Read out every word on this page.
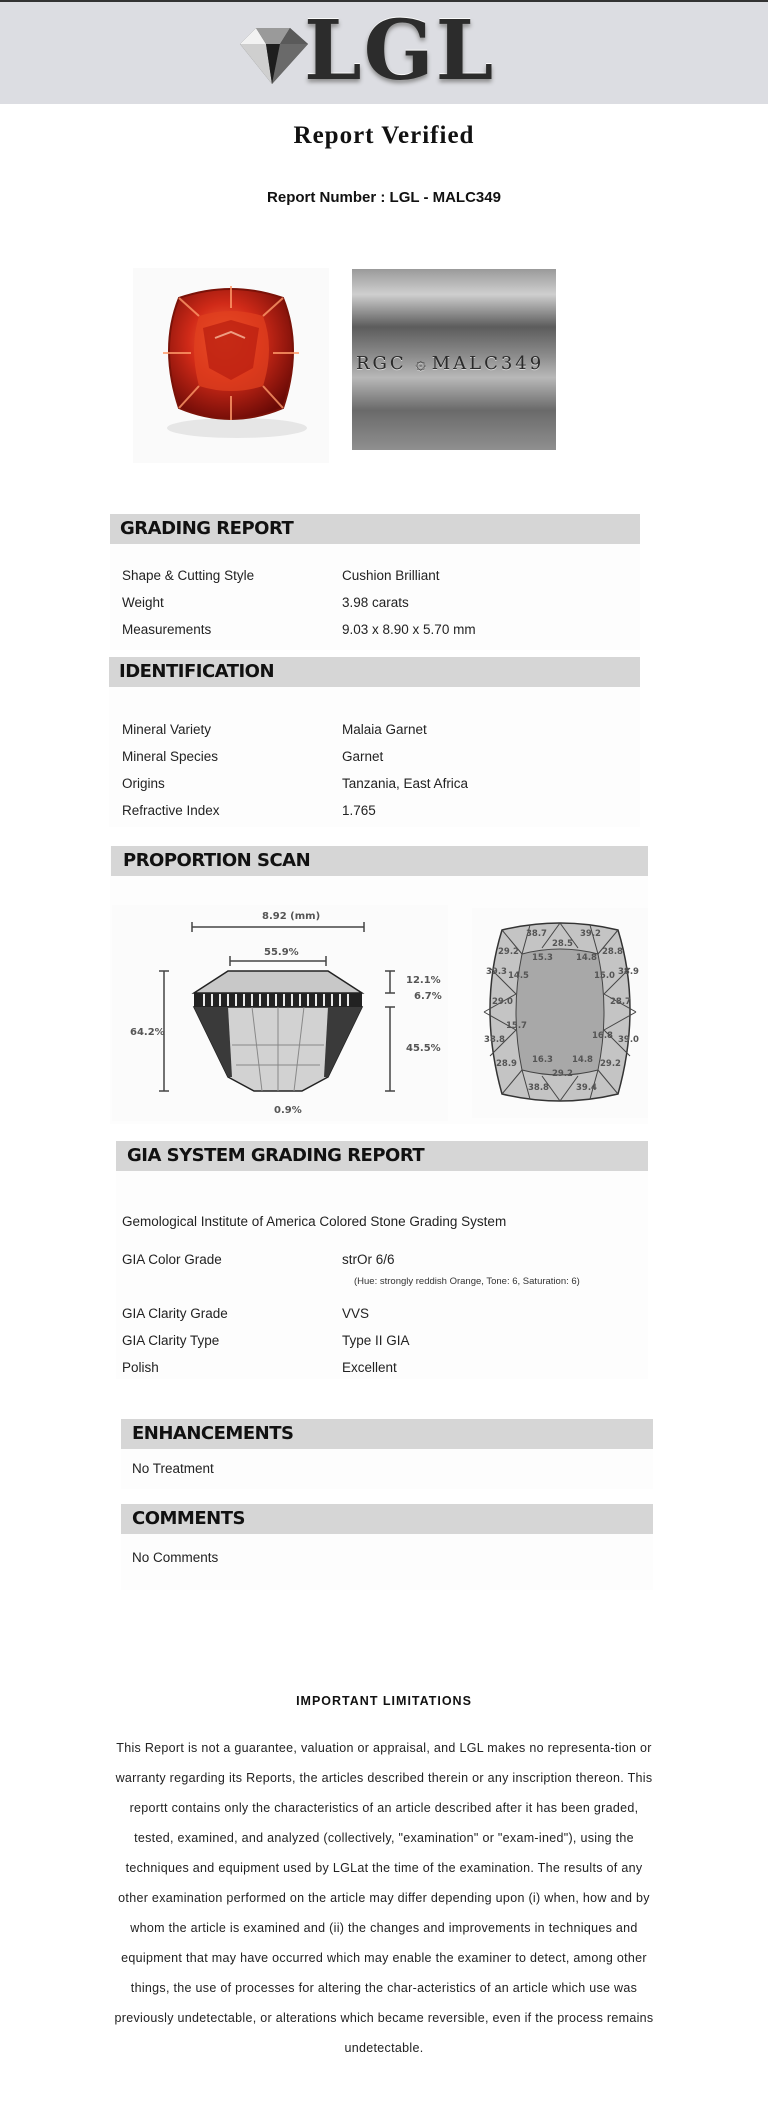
LGL
Report Verified
Report Number : LGL - MALC349
RGC ۞ MALC349
GRADING REPORT
Shape & Cutting Style	Cushion Brilliant
Weight	3.98 carats
Measurements	9.03 x 8.90 x 5.70 mm
IDENTIFICATION
Mineral Variety	Malaia Garnet
Mineral Species	Garnet
Origins	Tanzania, East Africa
Refractive Index	1.765
PROPORTION SCAN
8.92 (mm)
55.9%
64.2%
12.1%
6.7%
45.5%
0.9%
38.7	39.2
29.2
28.5
28.8
15.3	14.8
39.3 14.5	15.0 38.9
29.0	28.7
15.7
16.8
38.8	39.0
28.9 16.3 14.8
29.2
29.2
38.8	39.4
GIA SYSTEM GRADING REPORT
Gemological Institute of America Colored Stone Grading System
GIA Color Grade	strOr 6/6
(Hue: strongly reddish Orange, Tone: 6, Saturation: 6)
GIA Clarity Grade	VVS
GIA Clarity Type	Type II GIA
Polish	Excellent
ENHANCEMENTS
No Treatment
COMMENTS
No Comments
IMPORTANT LIMITATIONS
This Report is not a guarantee, valuation or appraisal, and LGL makes no representa-tion or warranty regarding its Reports, the articles described therein or any inscription thereon. This reportt contains only the characteristics of an article described after it has been graded, tested, examined, and analyzed (collectively, "examination" or "exam-ined"), using the techniques and equipment used by LGLat the time of the examination. The results of any other examination performed on the article may differ depending upon (i) when, how and by whom the article is examined and (ii) the changes and improvements in techniques and equipment that may have occurred which may enable the examiner to detect, among other things, the use of processes for altering the char-acteristics of an article which use was previously undetectable, or alterations which became reversible, even if the process remains undetectable.
